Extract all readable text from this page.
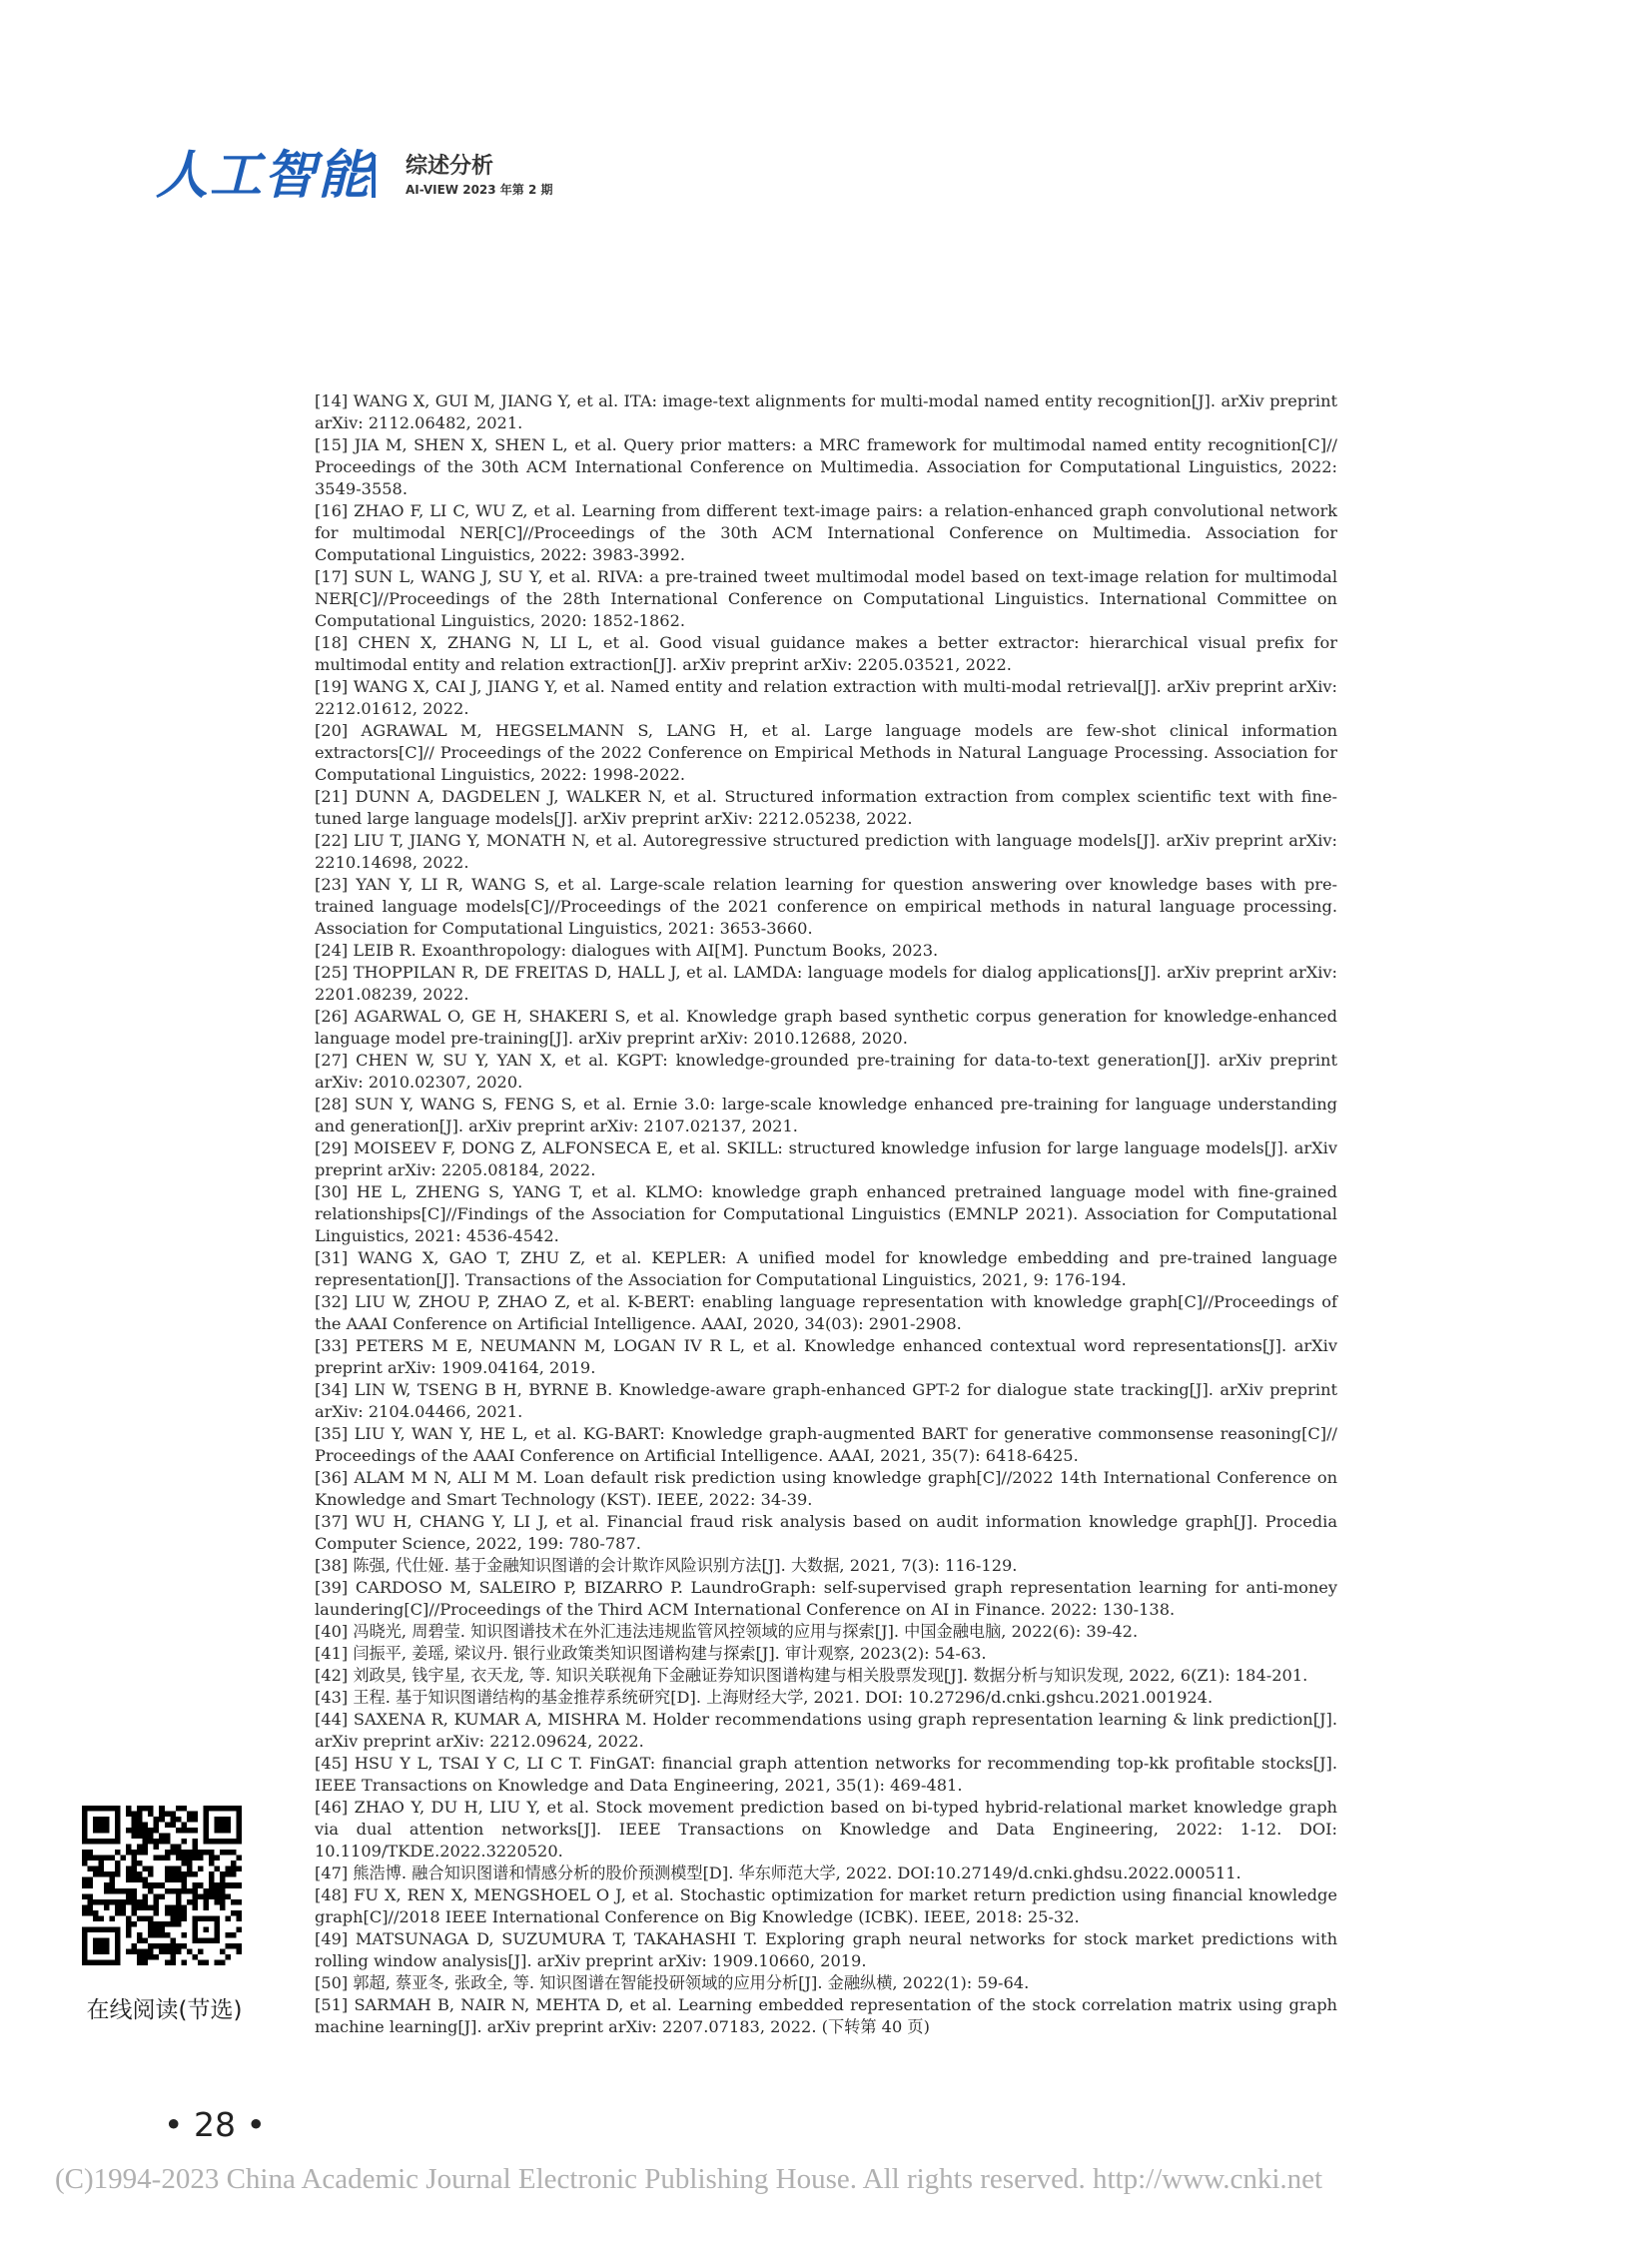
人工智能 综述分析
AI-VIEW 2023 年第 2 期

[14] WANG X, GUI M, JIANG Y, et al. ITA: image-text alignments for multi-modal named entity recognition[J]. arXiv preprint arXiv: 2112.06482, 2021.

[15] JIA M, SHEN X, SHEN L, et al. Query prior matters: a MRC framework for multimodal named entity recognition[C]// Proceedings of the 30th ACM International Conference on Multimedia. Association for Computational Linguistics, 2022: 3549-3558.

[16] ZHAO F, LI C, WU Z, et al. Learning from different text-image pairs: a relation-enhanced graph convolutional network for multimodal NER[C]//Proceedings of the 30th ACM International Conference on Multimedia. Association for Computational Linguistics, 2022: 3983-3992.

[17] SUN L, WANG J, SU Y, et al. RIVA: a pre-trained tweet multimodal model based on text-image relation for multimodal NER[C]//Proceedings of the 28th International Conference on Computational Linguistics. International Committee on Computational Linguistics, 2020: 1852-1862.

[18] CHEN X, ZHANG N, LI L, et al. Good visual guidance makes a better extractor: hierarchical visual prefix for multimodal entity and relation extraction[J]. arXiv preprint arXiv: 2205.03521, 2022.

[19] WANG X, CAI J, JIANG Y, et al. Named entity and relation extraction with multi-modal retrieval[J]. arXiv preprint arXiv: 2212.01612, 2022.

[20] AGRAWAL M, HEGSELMANN S, LANG H, et al. Large language models are few-shot clinical information extractors[C]// Proceedings of the 2022 Conference on Empirical Methods in Natural Language Processing. Association for Computational Linguistics, 2022: 1998-2022.

[21] DUNN A, DAGDELEN J, WALKER N, et al. Structured information extraction from complex scientific text with fine-tuned large language models[J]. arXiv preprint arXiv: 2212.05238, 2022.

[22] LIU T, JIANG Y, MONATH N, et al. Autoregressive structured prediction with language models[J]. arXiv preprint arXiv: 2210.14698, 2022.

[23] YAN Y, LI R, WANG S, et al. Large-scale relation learning for question answering over knowledge bases with pre-trained language models[C]//Proceedings of the 2021 conference on empirical methods in natural language processing. Association for Computational Linguistics, 2021: 3653-3660.

[24] LEIB R. Exoanthropology: dialogues with AI[M]. Punctum Books, 2023.

[25] THOPPILAN R, DE FREITAS D, HALL J, et al. LAMDA: language models for dialog applications[J]. arXiv preprint arXiv: 2201.08239, 2022.

[26] AGARWAL O, GE H, SHAKERI S, et al. Knowledge graph based synthetic corpus generation for knowledge-enhanced language model pre-training[J]. arXiv preprint arXiv: 2010.12688, 2020.

[27] CHEN W, SU Y, YAN X, et al. KGPT: knowledge-grounded pre-training for data-to-text generation[J]. arXiv preprint arXiv: 2010.02307, 2020.

[28] SUN Y, WANG S, FENG S, et al. Ernie 3.0: large-scale knowledge enhanced pre-training for language understanding and generation[J]. arXiv preprint arXiv: 2107.02137, 2021.

[29] MOISEEV F, DONG Z, ALFONSECA E, et al. SKILL: structured knowledge infusion for large language models[J]. arXiv preprint arXiv: 2205.08184, 2022.

[30] HE L, ZHENG S, YANG T, et al. KLMO: knowledge graph enhanced pretrained language model with fine-grained relationships[C]//Findings of the Association for Computational Linguistics (EMNLP 2021). Association for Computational Linguistics, 2021: 4536-4542.

[31] WANG X, GAO T, ZHU Z, et al. KEPLER: A unified model for knowledge embedding and pre-trained language representation[J]. Transactions of the Association for Computational Linguistics, 2021, 9: 176-194.

[32] LIU W, ZHOU P, ZHAO Z, et al. K-BERT: enabling language representation with knowledge graph[C]//Proceedings of the AAAI Conference on Artificial Intelligence. AAAI, 2020, 34(03): 2901-2908.

[33] PETERS M E, NEUMANN M, LOGAN IV R L, et al. Knowledge enhanced contextual word representations[J]. arXiv preprint arXiv: 1909.04164, 2019.

[34] LIN W, TSENG B H, BYRNE B. Knowledge-aware graph-enhanced GPT-2 for dialogue state tracking[J]. arXiv preprint arXiv: 2104.04466, 2021.

[35] LIU Y, WAN Y, HE L, et al. KG-BART: Knowledge graph-augmented BART for generative commonsense reasoning[C]// Proceedings of the AAAI Conference on Artificial Intelligence. AAAI, 2021, 35(7): 6418-6425.

[36] ALAM M N, ALI M M. Loan default risk prediction using knowledge graph[C]//2022 14th International Conference on Knowledge and Smart Technology (KST). IEEE, 2022: 34-39.

[37] WU H, CHANG Y, LI J, et al. Financial fraud risk analysis based on audit information knowledge graph[J]. Procedia Computer Science, 2022, 199: 780-787.

[38] 陈强, 代仕娅. 基于金融知识图谱的会计欺诈风险识别方法[J]. 大数据, 2021, 7(3): 116-129.

[39] CARDOSO M, SALEIRO P, BIZARRO P. LaundroGraph: self-supervised graph representation learning for anti-money laundering[C]//Proceedings of the Third ACM International Conference on AI in Finance. 2022: 130-138.

[40] 冯晓光, 周碧莹. 知识图谱技术在外汇违法违规监管风控领域的应用与探索[J]. 中国金融电脑, 2022(6): 39-42.

[41] 闫振平, 姜瑶, 梁议丹. 银行业政策类知识图谱构建与探索[J]. 审计观察, 2023(2): 54-63.

[42] 刘政昊, 钱宇星, 衣天龙, 等. 知识关联视角下金融证券知识图谱构建与相关股票发现[J]. 数据分析与知识发现, 2022, 6(Z1): 184-201.

[43] 王程. 基于知识图谱结构的基金推荐系统研究[D]. 上海财经大学, 2021. DOI: 10.27296/d.cnki.gshcu.2021.001924.

[44] SAXENA R, KUMAR A, MISHRA M. Holder recommendations using graph representation learning & link prediction[J]. arXiv preprint arXiv: 2212.09624, 2022.

[45] HSU Y L, TSAI Y C, LI C T. FinGAT: financial graph attention networks for recommending top-kk profitable stocks[J]. IEEE Transactions on Knowledge and Data Engineering, 2021, 35(1): 469-481.

[46] ZHAO Y, DU H, LIU Y, et al. Stock movement prediction based on bi-typed hybrid-relational market knowledge graph via dual attention networks[J]. IEEE Transactions on Knowledge and Data Engineering, 2022: 1-12. DOI: 10.1109/TKDE.2022.3220520.

[47] 熊浩博. 融合知识图谱和情感分析的股价预测模型[D]. 华东师范大学, 2022. DOI:10.27149/d.cnki.ghdsu.2022.000511.

[48] FU X, REN X, MENGSHOEL O J, et al. Stochastic optimization for market return prediction using financial knowledge graph[C]//2018 IEEE International Conference on Big Knowledge (ICBK). IEEE, 2018: 25-32.

[49] MATSUNAGA D, SUZUMURA T, TAKAHASHI T. Exploring graph neural networks for stock market predictions with rolling window analysis[J]. arXiv preprint arXiv: 1909.10660, 2019.

[50] 郭超, 蔡亚冬, 张政全, 等. 知识图谱在智能投研领域的应用分析[J]. 金融纵横, 2022(1): 59-64.

[51] SARMAH B, NAIR N, MEHTA D, et al. Learning embedded representation of the stock correlation matrix using graph machine learning[J]. arXiv preprint arXiv: 2207.07183, 2022. (下转第 40 页)

在线阅读(节选)
• 28 •
(C)1994-2023 China Academic Journal Electronic Publishing House. All rights reserved. http://www.cnki.net
